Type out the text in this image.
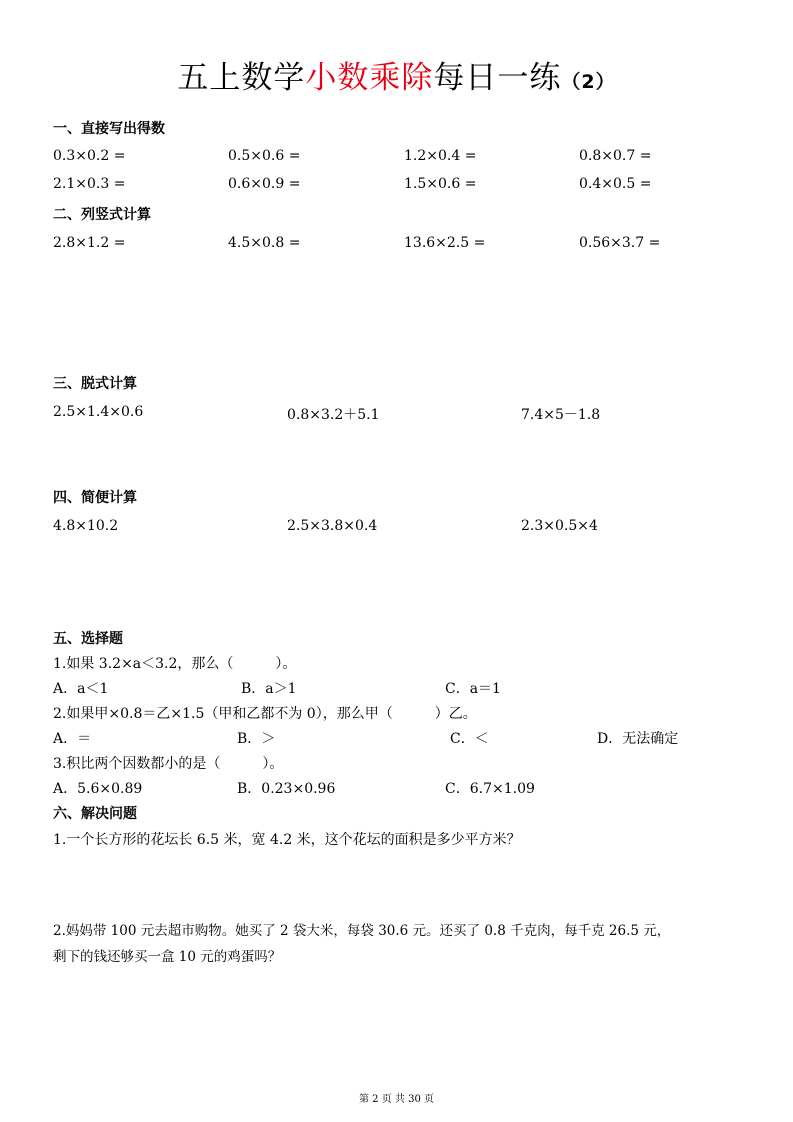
五上数学小数乘除每日一练（2）
一、直接写出得数
0.3×0.2 =	0.5×0.6 =	1.2×0.4 =	0.8×0.7 =
2.1×0.3 =	0.6×0.9 =	1.5×0.6 =	0.4×0.5 =
二、列竖式计算
2.8×1.2 =	4.5×0.8 =	13.6×2.5 =	0.56×3.7 =
三、脱式计算
2.5×1.4×0.6	0.8×3.2＋5.1	7.4×5－1.8
四、简便计算
4.8×10.2	2.5×3.8×0.4	2.3×0.5×4
五、选择题
1.如果 3.2×a＜3.2，那么（　　　）。
A．a＜1	B．a＞1	C．a＝1
2.如果甲×0.8＝乙×1.5（甲和乙都不为 0），那么甲（　　　）乙。
A．＝	B．＞	C．＜	D．无法确定
3.积比两个因数都小的是（　　　）。
A．5.6×0.89	B．0.23×0.96	C．6.7×1.09
六、解决问题
1.一个长方形的花坛长 6.5 米，宽 4.2 米，这个花坛的面积是多少平方米？
2.妈妈带 100 元去超市购物。她买了 2 袋大米，每袋 30.6 元。还买了 0.8 千克肉，每千克 26.5 元，
剩下的钱还够买一盒 10 元的鸡蛋吗？
第 2 页 共 30 页
